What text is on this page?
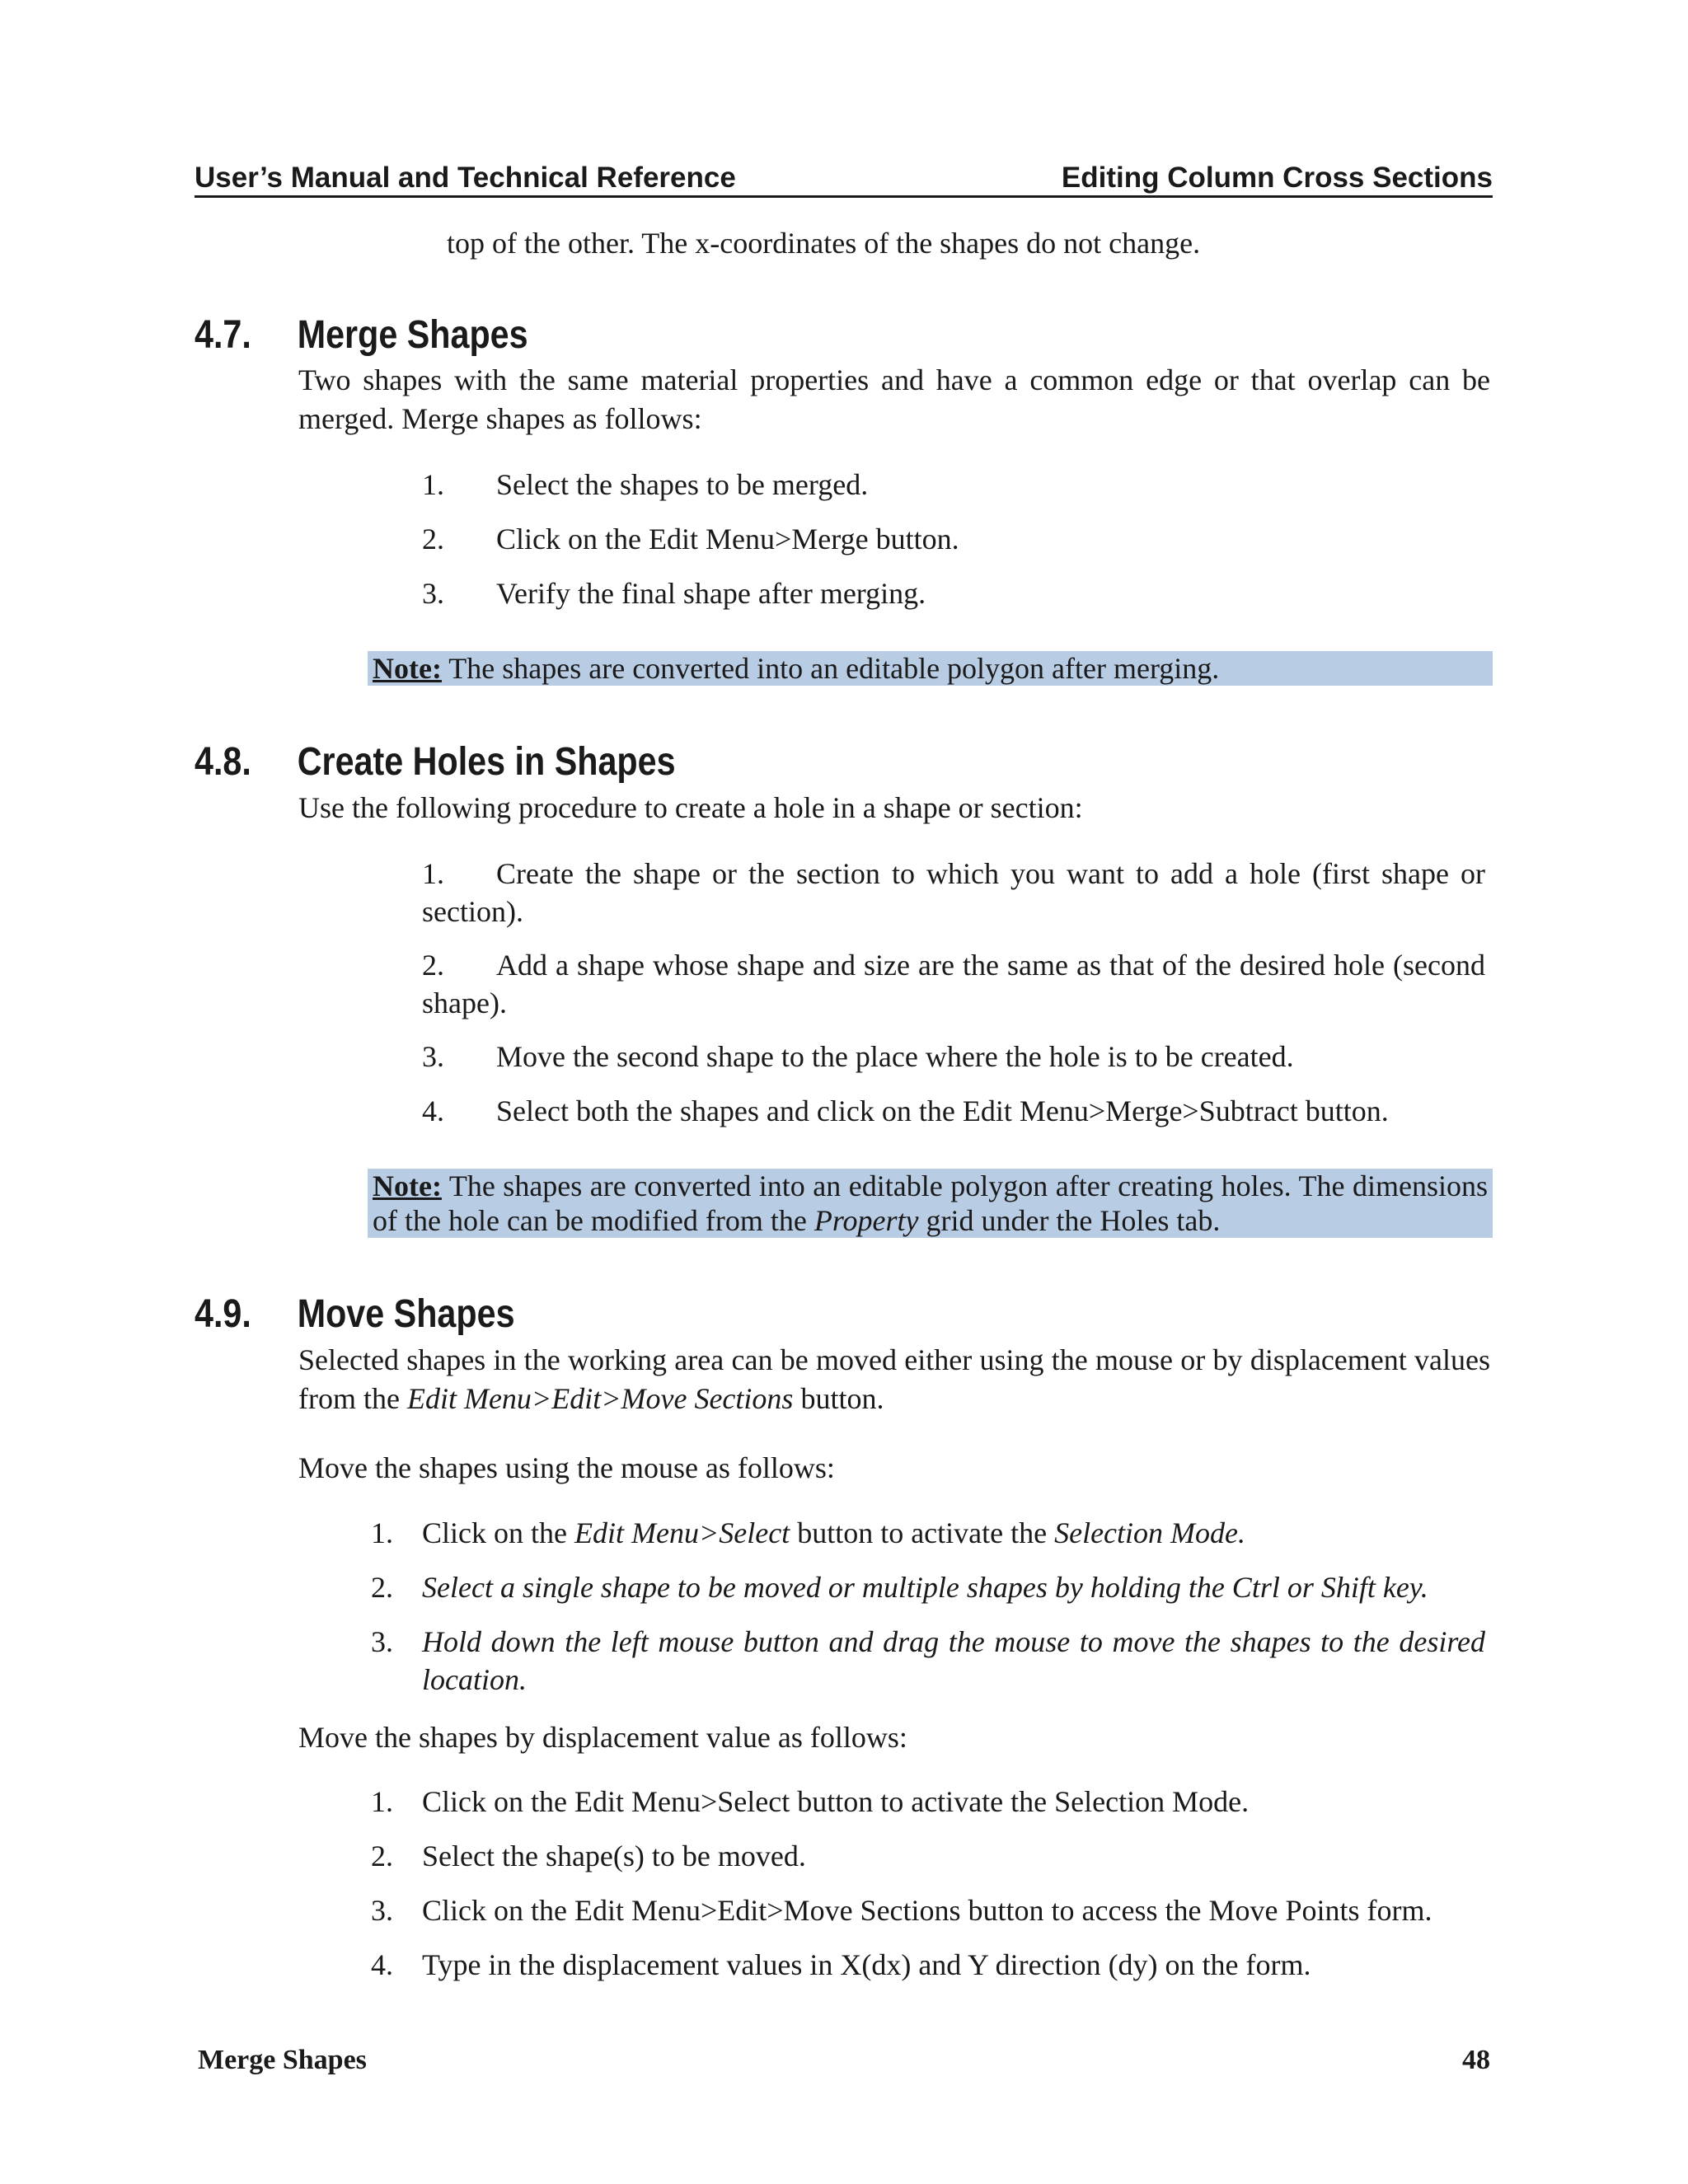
User’s Manual and Technical Reference	Editing Column Cross Sections
top of the other. The x-coordinates of the shapes do not change.
4.7. Merge Shapes
Two shapes with the same material properties and have a common edge or that overlap can be merged. Merge shapes as follows:
1. Select the shapes to be merged.
2. Click on the Edit Menu>Merge button.
3. Verify the final shape after merging.
Note: The shapes are converted into an editable polygon after merging.
4.8. Create Holes in Shapes
Use the following procedure to create a hole in a shape or section:
1. Create the shape or the section to which you want to add a hole (first shape or section).
2. Add a shape whose shape and size are the same as that of the desired hole (second shape).
3. Move the second shape to the place where the hole is to be created.
4. Select both the shapes and click on the Edit Menu>Merge>Subtract button.
Note: The shapes are converted into an editable polygon after creating holes. The dimensions of the hole can be modified from the Property grid under the Holes tab.
4.9. Move Shapes
Selected shapes in the working area can be moved either using the mouse or by displacement values from the Edit Menu>Edit>Move Sections button.
Move the shapes using the mouse as follows:
1. Click on the Edit Menu>Select button to activate the Selection Mode.
2. Select a single shape to be moved or multiple shapes by holding the Ctrl or Shift key.
3. Hold down the left mouse button and drag the mouse to move the shapes to the desired location.
Move the shapes by displacement value as follows:
1. Click on the Edit Menu>Select button to activate the Selection Mode.
2. Select the shape(s) to be moved.
3. Click on the Edit Menu>Edit>Move Sections button to access the Move Points form.
4. Type in the displacement values in X(dx) and Y direction (dy) on the form.
Merge Shapes	48
